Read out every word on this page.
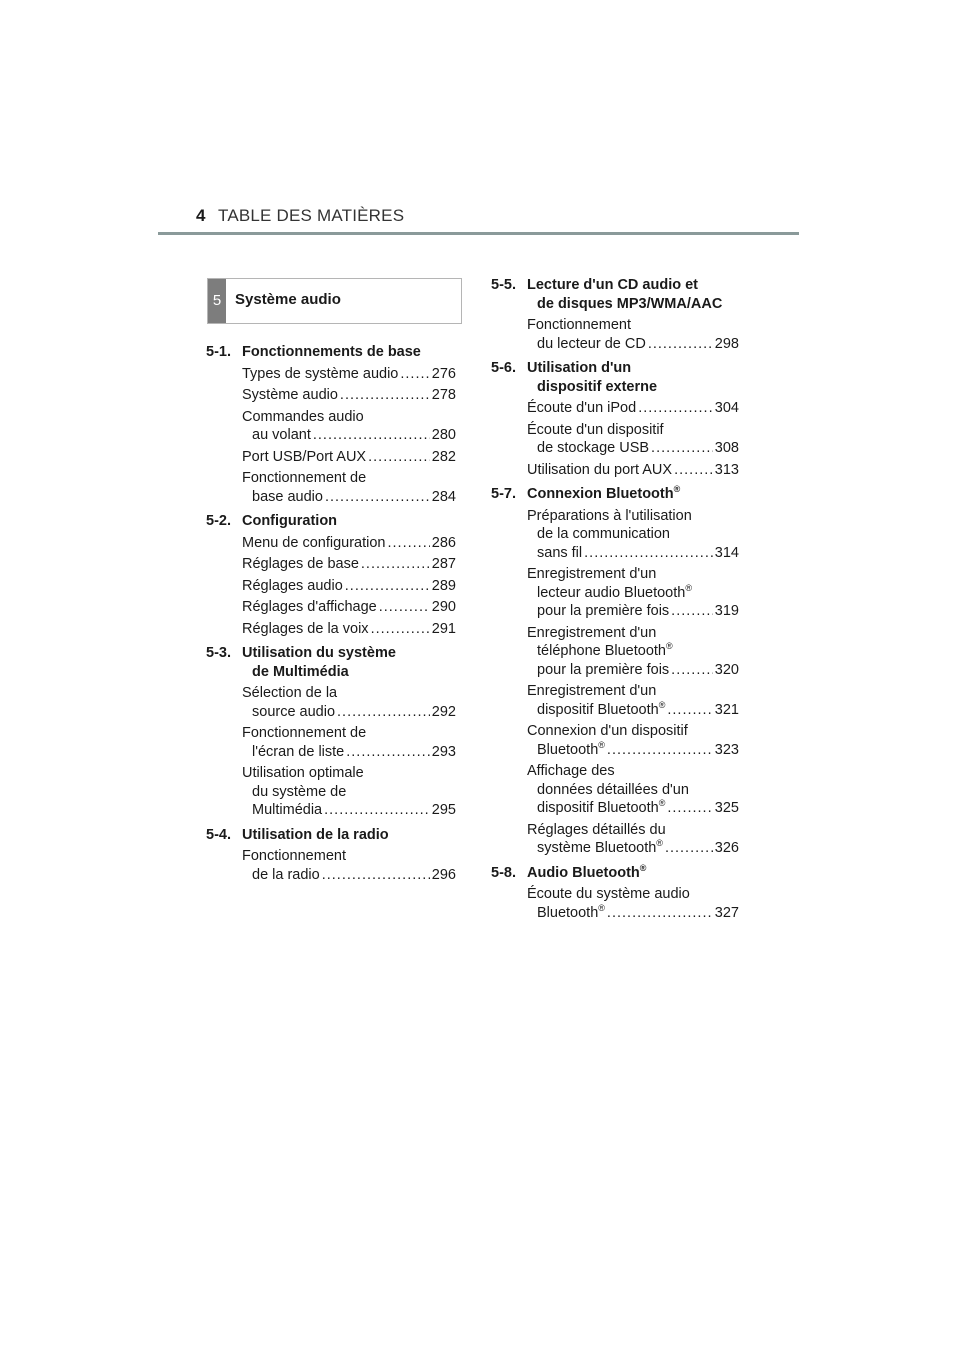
4 TABLE DES MATIÈRES
5 Système audio
5-1. Fonctionnements de base
Types de système audio ..... 276
Système audio .....	278
Commandes audio
au volant .....	280
Port USB/Port AUX .....	282
Fonctionnement de
base audio .....	284
5-2. Configuration
Menu de configuration .....	286
Réglages de base .....	287
Réglages audio .....	289
Réglages d'affichage .....	290
Réglages de la voix .....	291
5-3. Utilisation du système
de Multimédia
Sélection de la
source audio .....	292
Fonctionnement de
l'écran de liste .....	293
Utilisation optimale
du système de
Multimédia .....	295
5-4. Utilisation de la radio
Fonctionnement
de la radio .....	296
5-5. Lecture d'un CD audio et
de disques MP3/WMA/AAC
Fonctionnement
du lecteur de CD .....	298
5-6. Utilisation d'un
dispositif externe
Écoute d'un iPod .....	304
Écoute d'un dispositif
de stockage USB .....	308
Utilisation du port AUX .....	313
5-7. Connexion Bluetooth®
Préparations à l'utilisation
de la communication
sans fil .....	314
Enregistrement d'un
lecteur audio Bluetooth®
pour la première fois .....	319
Enregistrement d'un
téléphone Bluetooth®
pour la première fois .....	320
Enregistrement d'un
dispositif Bluetooth® .....	321
Connexion d'un dispositif
Bluetooth® .....	323
Affichage des
données détaillées d'un
dispositif Bluetooth® .....	325
Réglages détaillés du
système Bluetooth® .....	326
5-8. Audio Bluetooth®
Écoute du système audio
Bluetooth® .....	327
